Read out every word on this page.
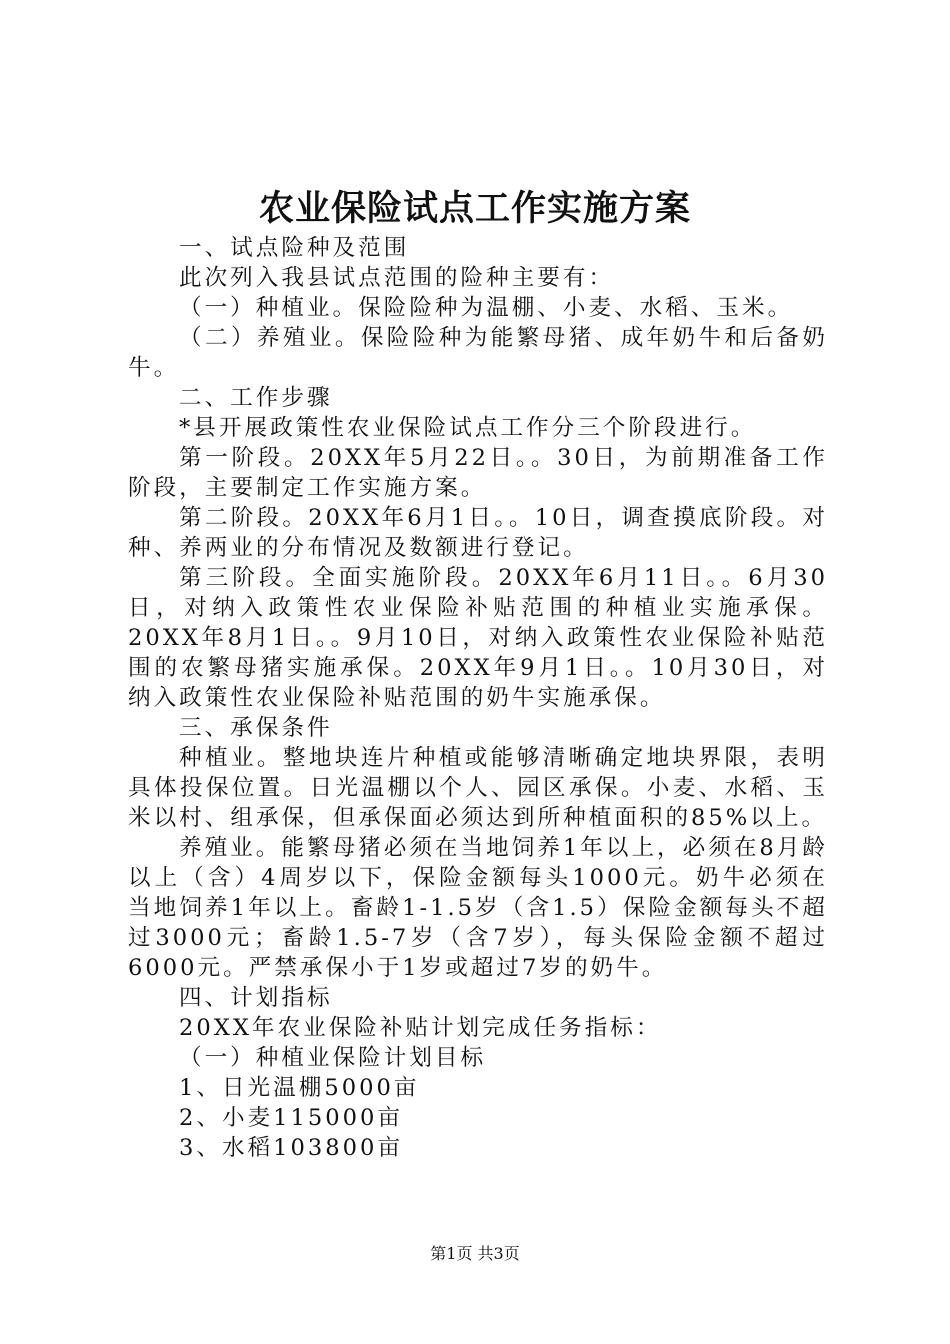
农业保险试点工作实施方案

一、试点险种及范围

此次列入我县试点范围的险种主要有：

（一）种植业。保险险种为温棚、小麦、水稻、玉米。

（二）养殖业。保险险种为能繁母猪、成年奶牛和后备奶牛。

二、工作步骤

*县开展政策性农业保险试点工作分三个阶段进行。

第一阶段。20XX年5月22日。。30日，为前期准备工作阶段，主要制定工作实施方案。

第二阶段。20XX年6月1日。。10日，调查摸底阶段。对种、养两业的分布情况及数额进行登记。

第三阶段。全面实施阶段。20XX年6月11日。。6月30日，对纳入政策性农业保险补贴范围的种植业实施承保。20XX年8月1日。。9月10日，对纳入政策性农业保险补贴范围的农繁母猪实施承保。20XX年9月1日。。10月30日，对纳入政策性农业保险补贴范围的奶牛实施承保。

三、承保条件

种植业。整地块连片种植或能够清晰确定地块界限，表明具体投保位置。日光温棚以个人、园区承保。小麦、水稻、玉米以村、组承保，但承保面必须达到所种植面积的85%以上。

养殖业。能繁母猪必须在当地饲养1年以上，必须在8月龄以上（含）4周岁以下，保险金额每头1000元。奶牛必须在当地饲养1年以上。畜龄1-1.5岁（含1.5）保险金额每头不超过3000元；畜龄1.5-7岁（含7岁），每头保险金额不超过6000元。严禁承保小于1岁或超过7岁的奶牛。

四、计划指标

20XX年农业保险补贴计划完成任务指标：

（一）种植业保险计划目标

1、日光温棚5000亩

2、小麦115000亩

3、水稻103800亩

第1页 共3页
